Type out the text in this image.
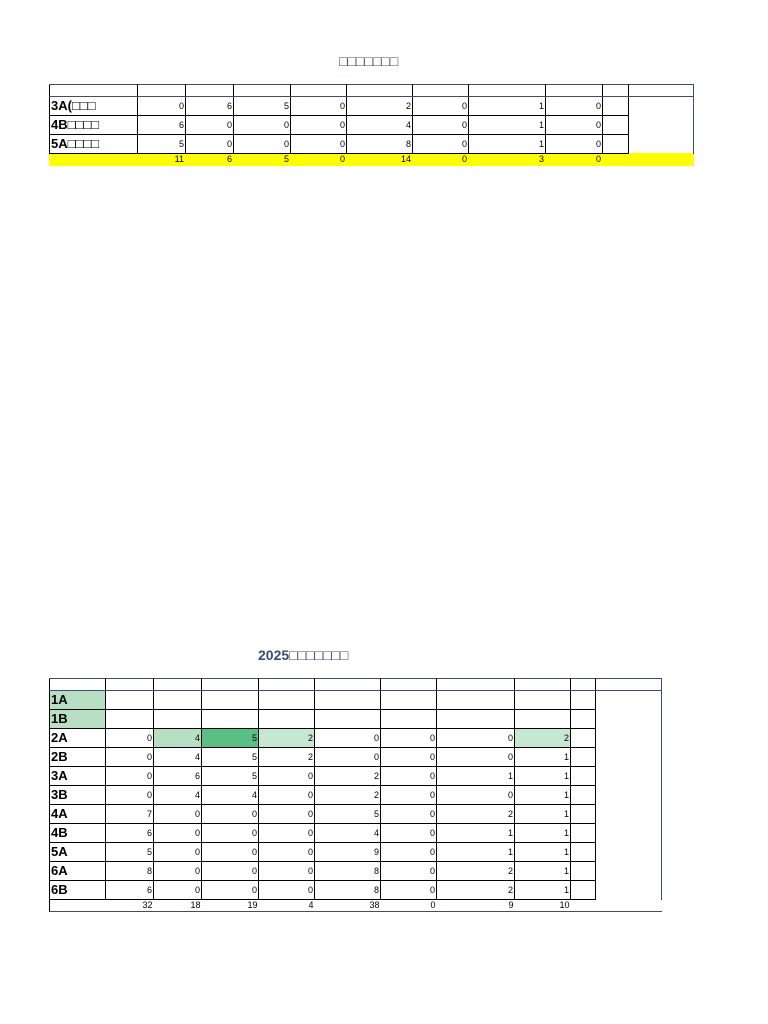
□□□□□□□

3A(□□□	0	6	5	0	2	0	1	0		
4B□□□□	6	0	0	0	4	0	1	0		
5A□□□□	5	0	0	0	8	0	1	0		
	11	6	5	0	14	0	3	0		
2025□□□□□□□

1A										
1B										
2A	0	4	5	2	0	0	0	2		
2B	0	4	5	2	0	0	0	1		
3A	0	6	5	0	2	0	1	1		
3B	0	4	4	0	2	0	0	1		
4A	7	0	0	0	5	0	2	1		
4B	6	0	0	0	4	0	1	1		
5A	5	0	0	0	9	0	1	1		
6A	8	0	0	0	8	0	2	1		
6B	6	0	0	0	8	0	2	1		
	32	18	19	4	38	0	9	10		
